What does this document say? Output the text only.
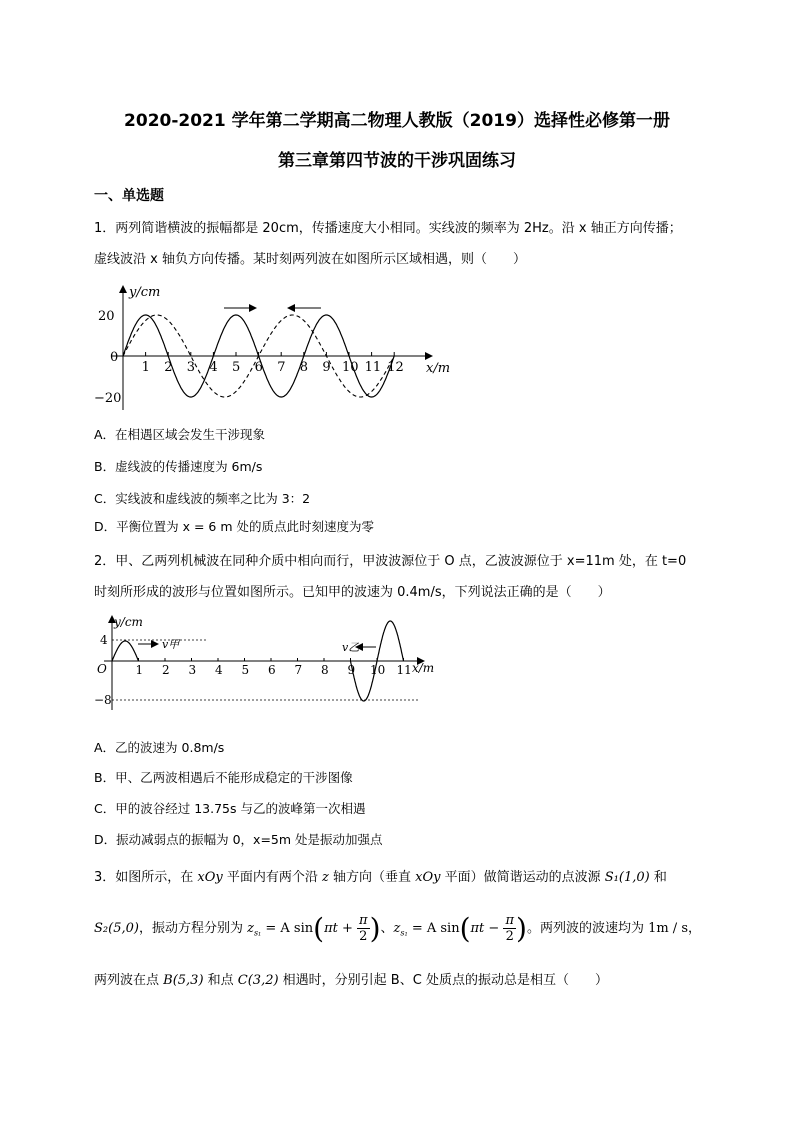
2020-2021 学年第二学期高二物理人教版（2019）选择性必修第一册
第三章第四节波的干涉巩固练习
一、单选题
1．两列简谐横波的振幅都是 20cm，传播速度大小相同。实线波的频率为 2Hz。沿 x 轴正方向传播；
虚线波沿 x 轴负方向传播。某时刻两列波在如图所示区域相遇，则（　　）
y/cm
x/m
20
0
−20
1 2 3 4 5 6 7 8 9 10 11 12
A．在相遇区域会发生干涉现象
B．虚线波的传播速度为 6m/s
C．实线波和虚线波的频率之比为 3：2
D．平衡位置为 x = 6 m 处的质点此时刻速度为零
2．甲、乙两列机械波在同种介质中相向而行，甲波波源位于 O 点，乙波波源位于 x=11m 处，在 t=0
时刻所形成的波形与位置如图所示。已知甲的波速为 0.4m/s，下列说法正确的是（　　）
y/cm
x/m
O
4
−8
1 2 3 4 5 6 7 8 9 10 11
v甲	v乙
A．乙的波速为 0.8m/s
B．甲、乙两波相遇后不能形成稳定的干涉图像
C．甲的波谷经过 13.75s 与乙的波峰第一次相遇
D．振动减弱点的振幅为 0，x=5m 处是振动加强点
3．如图所示，在 xOy 平面内有两个沿 z 轴方向（垂直 xOy 平面）做简谐运动的点波源 S₁(1,0) 和
S₂(5,0)，振动方程分别为 $z_{s_1} = A$ $\sin(\pi t + \frac{\pi}{2}$ )、$z_{s_1} = A$ $\sin(\pi t - \frac{\pi}{2}$ )。两列波的波速均为 1m / s，
两列波在点 B(5,3) 和点 C(3,2) 相遇时，分别引起 B、C 处质点的振动总是相互（　　）
